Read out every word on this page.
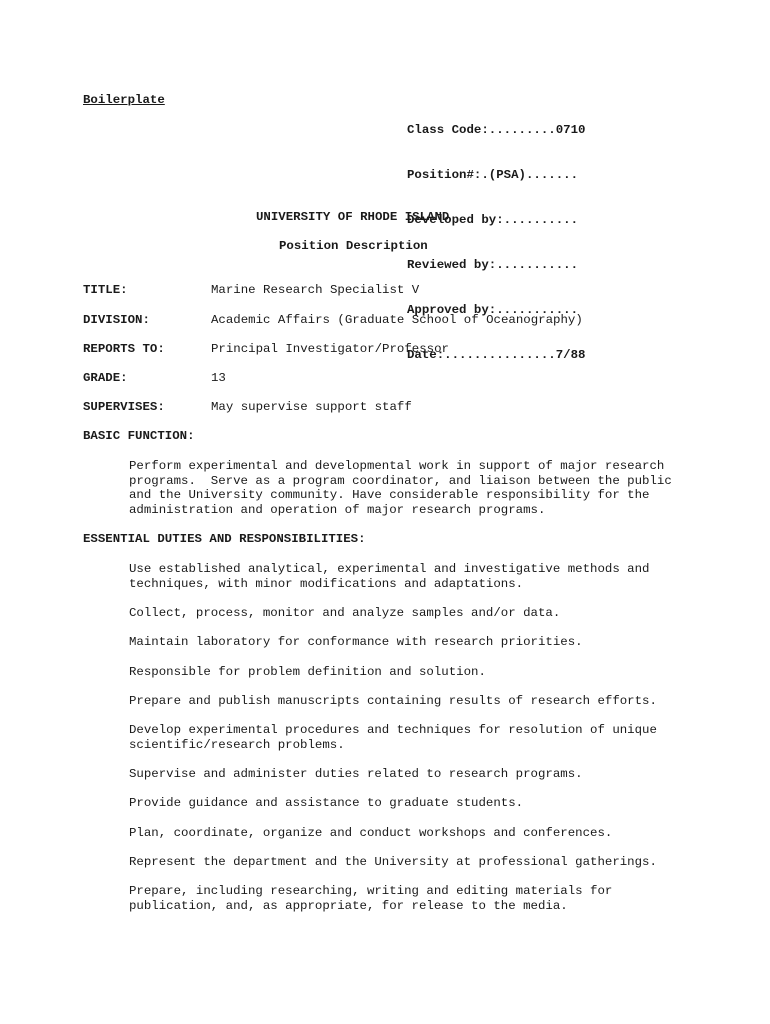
Boilerplate

Class Code:.........0710

Position#:.(PSA).......

Developed by:..........

Reviewed by:...........

Approved by:...........

Date:...............7/88

UNIVERSITY OF RHODE ISLAND
Position Description
TITLE:	Marine Research Specialist V
DIVISION:	Academic Affairs (Graduate School of Oceanography)
REPORTS TO:	Principal Investigator/Professor
GRADE:	13
SUPERVISES:	May supervise support staff
BASIC FUNCTION:
Perform experimental and developmental work in support of major research
programs.  Serve as a program coordinator, and liaison between the public
and the University community. Have considerable responsibility for the
administration and operation of major research programs.
ESSENTIAL DUTIES AND RESPONSIBILITIES:
Use established analytical, experimental and investigative methods and
techniques, with minor modifications and adaptations.
Collect, process, monitor and analyze samples and/or data.
Maintain laboratory for conformance with research priorities.
Responsible for problem definition and solution.
Prepare and publish manuscripts containing results of research efforts.
Develop experimental procedures and techniques for resolution of unique
scientific/research problems.
Supervise and administer duties related to research programs.
Provide guidance and assistance to graduate students.
Plan, coordinate, organize and conduct workshops and conferences.
Represent the department and the University at professional gatherings.
Prepare, including researching, writing and editing materials for
publication, and, as appropriate, for release to the media.
